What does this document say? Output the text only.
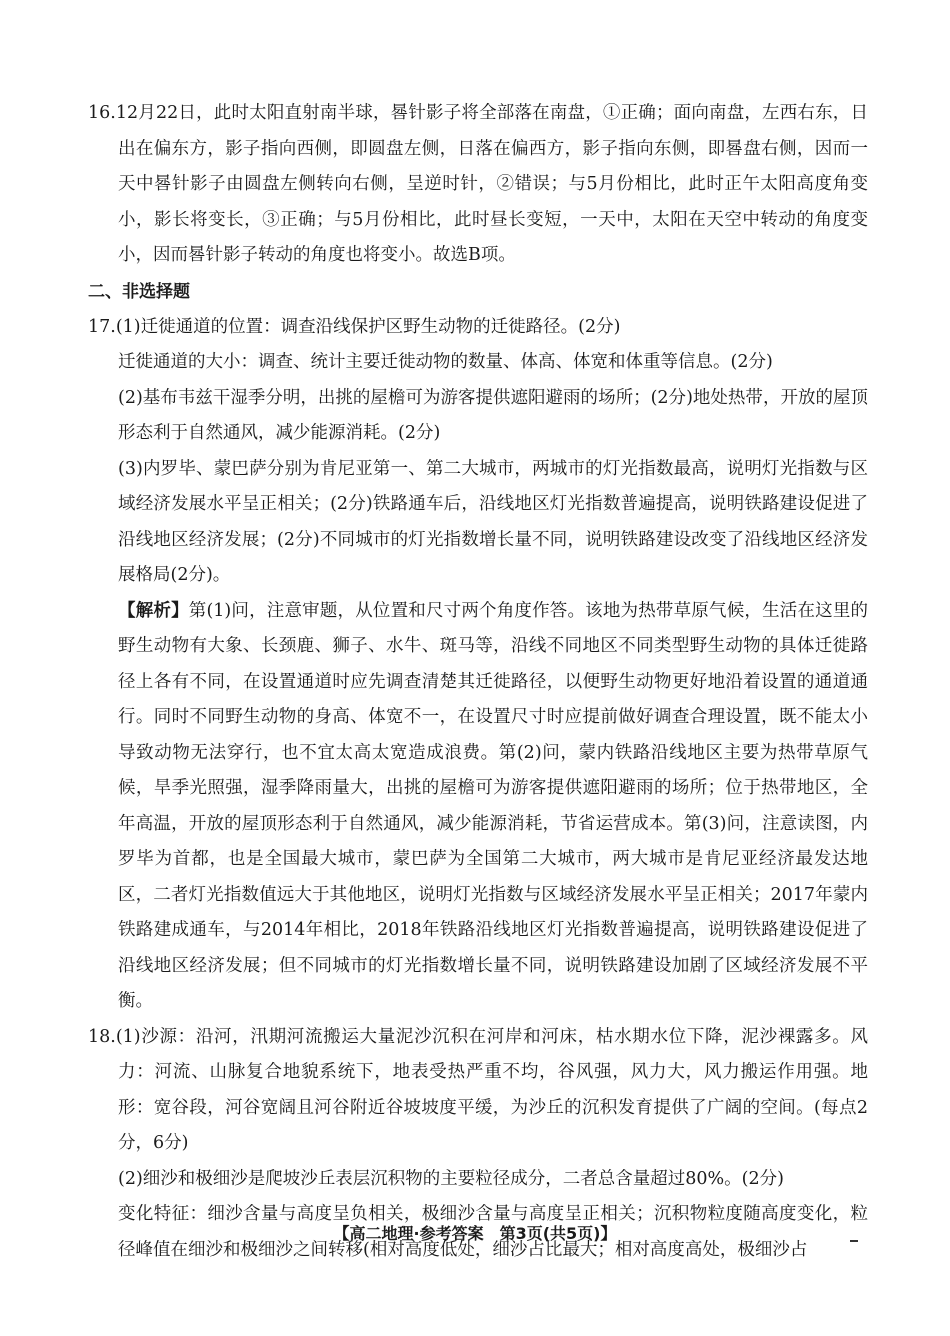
16.12月22日，此时太阳直射南半球，晷针影子将全部落在南盘，①正确；面向南盘，左西右东，日出在偏东方，影子指向西侧，即圆盘左侧，日落在偏西方，影子指向东侧，即晷盘右侧，因而一天中晷针影子由圆盘左侧转向右侧，呈逆时针，②错误；与5月份相比，此时正午太阳高度角变小，影长将变长，③正确；与5月份相比，此时昼长变短，一天中，太阳在天空中转动的角度变小，因而晷针影子转动的角度也将变小。故选B项。

二、非选择题

17.(1)迁徙通道的位置：调查沿线保护区野生动物的迁徙路径。(2分)

迁徙通道的大小：调查、统计主要迁徙动物的数量、体高、体宽和体重等信息。(2分)

(2)基布韦兹干湿季分明，出挑的屋檐可为游客提供遮阳避雨的场所；(2分)地处热带，开放的屋顶形态利于自然通风，减少能源消耗。(2分)

(3)内罗毕、蒙巴萨分别为肯尼亚第一、第二大城市，两城市的灯光指数最高，说明灯光指数与区域经济发展水平呈正相关；(2分)铁路通车后，沿线地区灯光指数普遍提高，说明铁路建设促进了沿线地区经济发展；(2分)不同城市的灯光指数增长量不同，说明铁路建设改变了沿线地区经济发展格局(2分)。

【解析】第(1)问，注意审题，从位置和尺寸两个角度作答。该地为热带草原气候，生活在这里的野生动物有大象、长颈鹿、狮子、水牛、斑马等，沿线不同地区不同类型野生动物的具体迁徙路径上各有不同，在设置通道时应先调查清楚其迁徙路径，以便野生动物更好地沿着设置的通道通行。同时不同野生动物的身高、体宽不一，在设置尺寸时应提前做好调查合理设置，既不能太小导致动物无法穿行，也不宜太高太宽造成浪费。第(2)问，蒙内铁路沿线地区主要为热带草原气候，旱季光照强，湿季降雨量大，出挑的屋檐可为游客提供遮阳避雨的场所；位于热带地区，全年高温，开放的屋顶形态利于自然通风，减少能源消耗，节省运营成本。第(3)问，注意读图，内罗毕为首都，也是全国最大城市，蒙巴萨为全国第二大城市，两大城市是肯尼亚经济最发达地区，二者灯光指数值远大于其他地区，说明灯光指数与区域经济发展水平呈正相关；2017年蒙内铁路建成通车，与2014年相比，2018年铁路沿线地区灯光指数普遍提高，说明铁路建设促进了沿线地区经济发展；但不同城市的灯光指数增长量不同，说明铁路建设加剧了区域经济发展不平衡。

18.(1)沙源：沿河，汛期河流搬运大量泥沙沉积在河岸和河床，枯水期水位下降，泥沙裸露多。风力：河流、山脉复合地貌系统下，地表受热严重不均，谷风强，风力大，风力搬运作用强。地形：宽谷段，河谷宽阔且河谷附近谷坡坡度平缓，为沙丘的沉积发育提供了广阔的空间。(每点2分，6分)

(2)细沙和极细沙是爬坡沙丘表层沉积物的主要粒径成分，二者总含量超过80%。(2分)

变化特征：细沙含量与高度呈负相关，极细沙含量与高度呈正相关；沉积物粒度随高度变化，粒径峰值在细沙和极细沙之间转移(相对高度低处，细沙占比最大；相对高度高处，极细沙占

【高二地理·参考答案　第3页(共5页)】
